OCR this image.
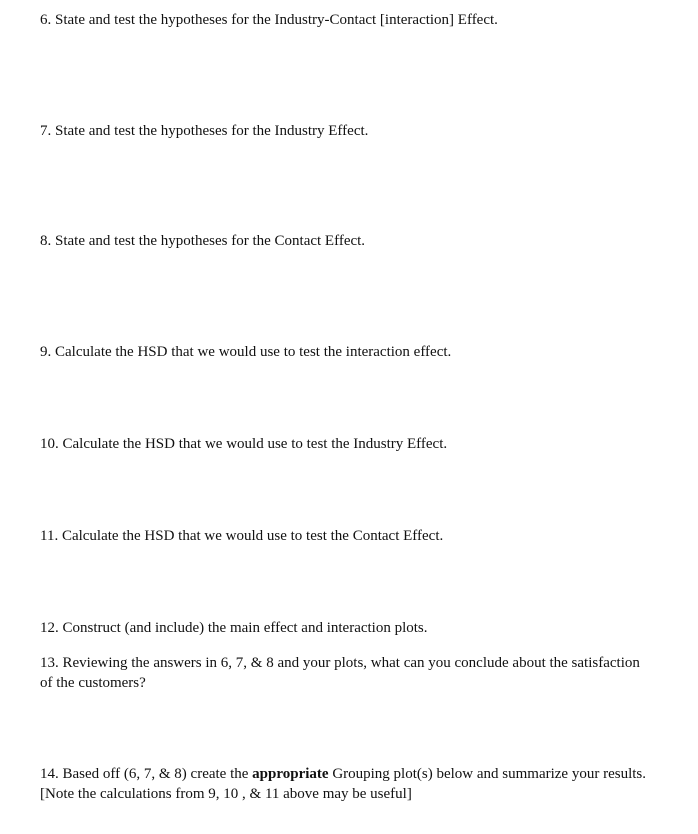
6. State and test the hypotheses for the Industry-Contact [interaction] Effect.

7. State and test the hypotheses for the Industry Effect.

8. State and test the hypotheses for the Contact Effect.

9. Calculate the HSD that we would use to test the interaction effect.

10. Calculate the HSD that we would use to test the Industry Effect.

11. Calculate the HSD that we would use to test the Contact Effect.

12. Construct (and include) the main effect and interaction plots.

13. Reviewing the answers in 6, 7, & 8 and your plots, what can you conclude about the satisfaction of the customers?

14. Based off (6, 7, & 8) create the appropriate Grouping plot(s) below and summarize your results. [Note the calculations from 9, 10 , & 11 above may be useful]
